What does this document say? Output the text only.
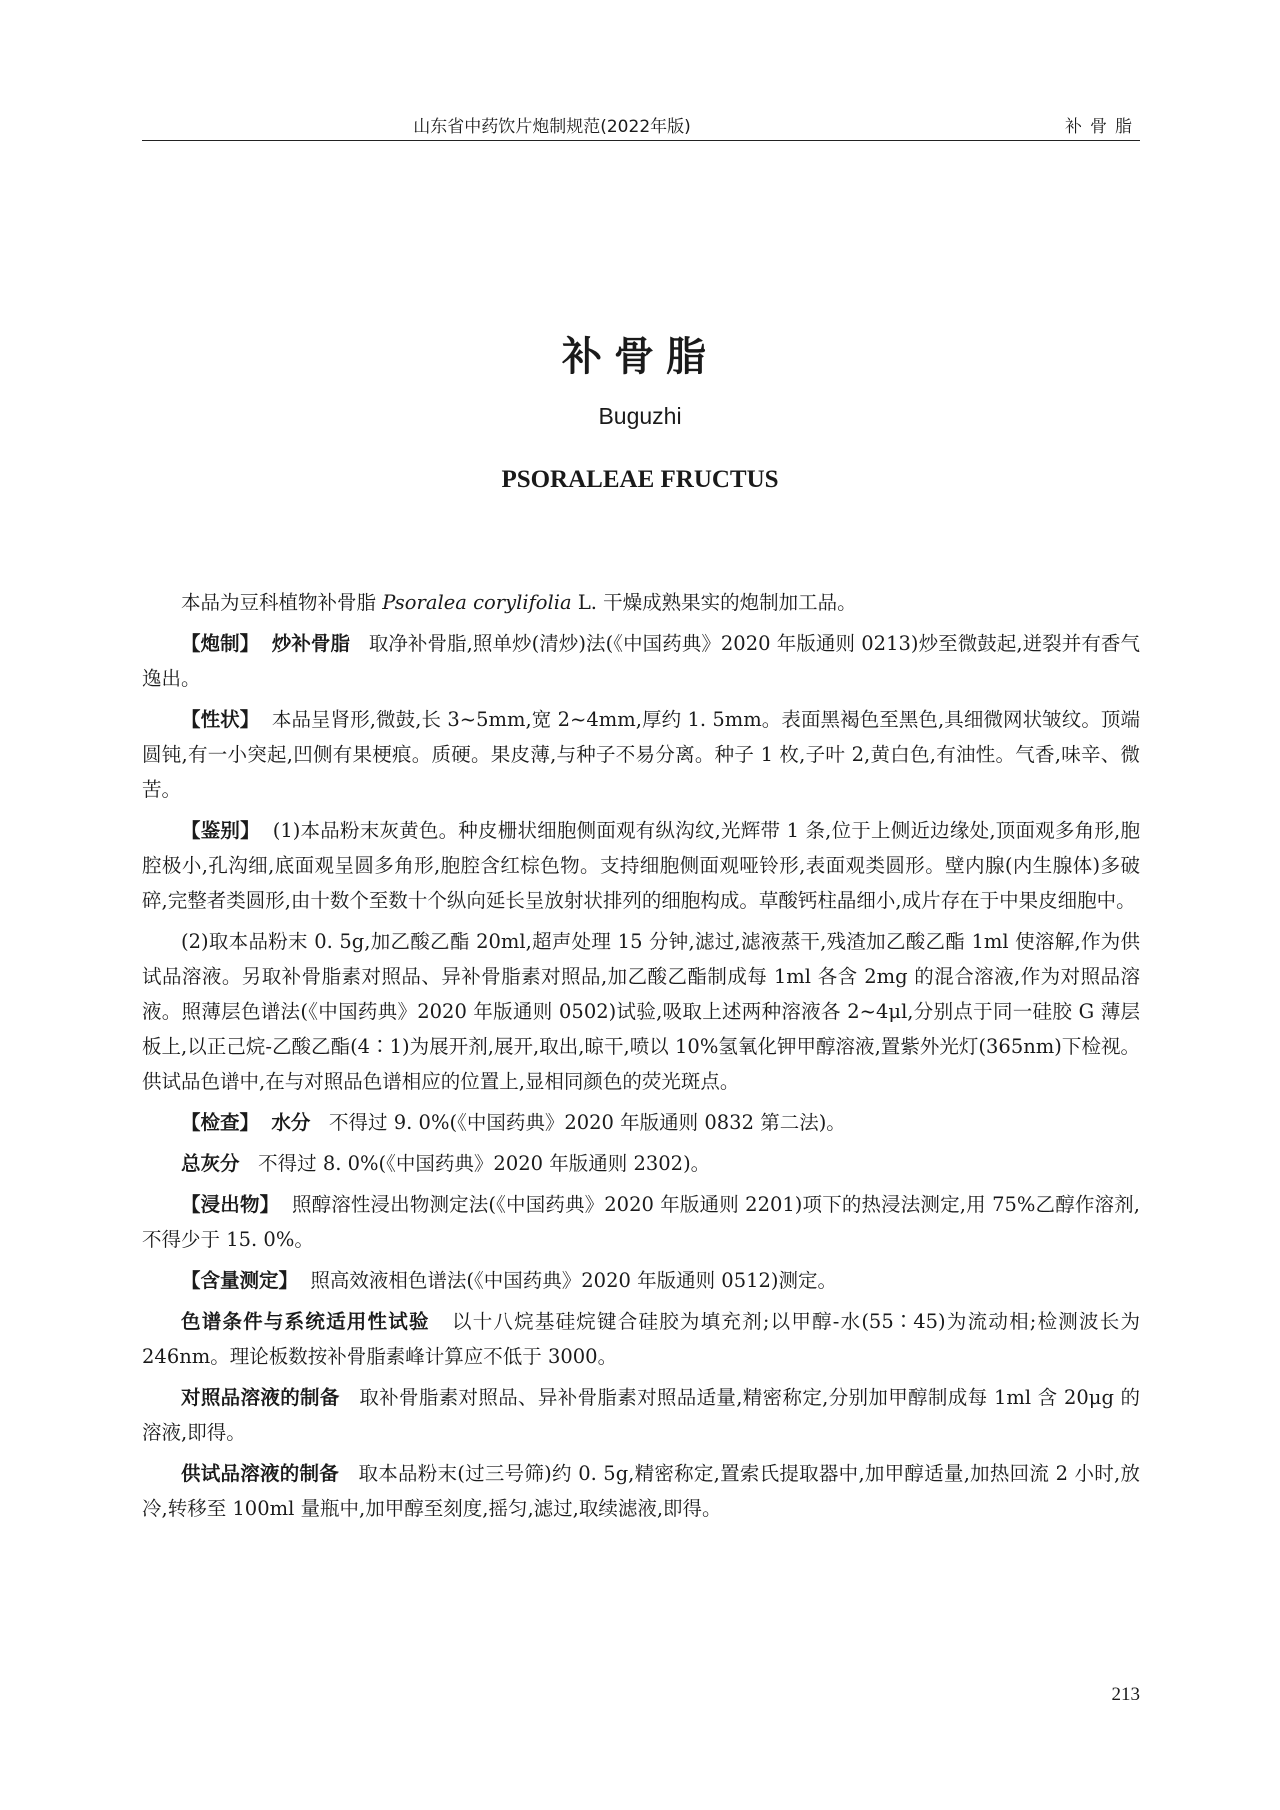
山东省中药饮片炮制规范(2022年版)	补骨脂
补骨脂
Buguzhi
PSORALEAE FRUCTUS

本品为豆科植物补骨脂 Psoralea corylifolia L. 干燥成熟果实的炮制加工品。

【炮制】 炒补骨脂 取净补骨脂,照单炒(清炒)法(《中国药典》2020 年版通则 0213)炒至微鼓起,迸裂并有香气逸出。

【性状】 本品呈肾形,微鼓,长 3~5mm,宽 2~4mm,厚约 1. 5mm。表面黑褐色至黑色,具细微网状皱纹。顶端圆钝,有一小突起,凹侧有果梗痕。质硬。果皮薄,与种子不易分离。种子 1 枚,子叶 2,黄白色,有油性。气香,味辛、微苦。

【鉴别】 (1)本品粉末灰黄色。种皮栅状细胞侧面观有纵沟纹,光辉带 1 条,位于上侧近边缘处,顶面观多角形,胞腔极小,孔沟细,底面观呈圆多角形,胞腔含红棕色物。支持细胞侧面观哑铃形,表面观类圆形。壁内腺(内生腺体)多破碎,完整者类圆形,由十数个至数十个纵向延长呈放射状排列的细胞构成。草酸钙柱晶细小,成片存在于中果皮细胞中。

(2)取本品粉末 0. 5g,加乙酸乙酯 20ml,超声处理 15 分钟,滤过,滤液蒸干,残渣加乙酸乙酯 1ml 使溶解,作为供试品溶液。另取补骨脂素对照品、异补骨脂素对照品,加乙酸乙酯制成每 1ml 各含 2mg 的混合溶液,作为对照品溶液。照薄层色谱法(《中国药典》2020 年版通则 0502)试验,吸取上述两种溶液各 2~4μl,分别点于同一硅胶 G 薄层板上,以正己烷-乙酸乙酯(4∶1)为展开剂,展开,取出,晾干,喷以 10%氢氧化钾甲醇溶液,置紫外光灯(365nm)下检视。供试品色谱中,在与对照品色谱相应的位置上,显相同颜色的荧光斑点。

【检查】 水分 不得过 9. 0%(《中国药典》2020 年版通则 0832 第二法)。

总灰分 不得过 8. 0%(《中国药典》2020 年版通则 2302)。

【浸出物】 照醇溶性浸出物测定法(《中国药典》2020 年版通则 2201)项下的热浸法测定,用 75%乙醇作溶剂,不得少于 15. 0%。

【含量测定】 照高效液相色谱法(《中国药典》2020 年版通则 0512)测定。

色谱条件与系统适用性试验 以十八烷基硅烷键合硅胶为填充剂;以甲醇-水(55∶45)为流动相;检测波长为 246nm。理论板数按补骨脂素峰计算应不低于 3000。

对照品溶液的制备 取补骨脂素对照品、异补骨脂素对照品适量,精密称定,分别加甲醇制成每 1ml 含 20μg 的溶液,即得。

供试品溶液的制备 取本品粉末(过三号筛)约 0. 5g,精密称定,置索氏提取器中,加甲醇适量,加热回流 2 小时,放冷,转移至 100ml 量瓶中,加甲醇至刻度,摇匀,滤过,取续滤液,即得。

213
